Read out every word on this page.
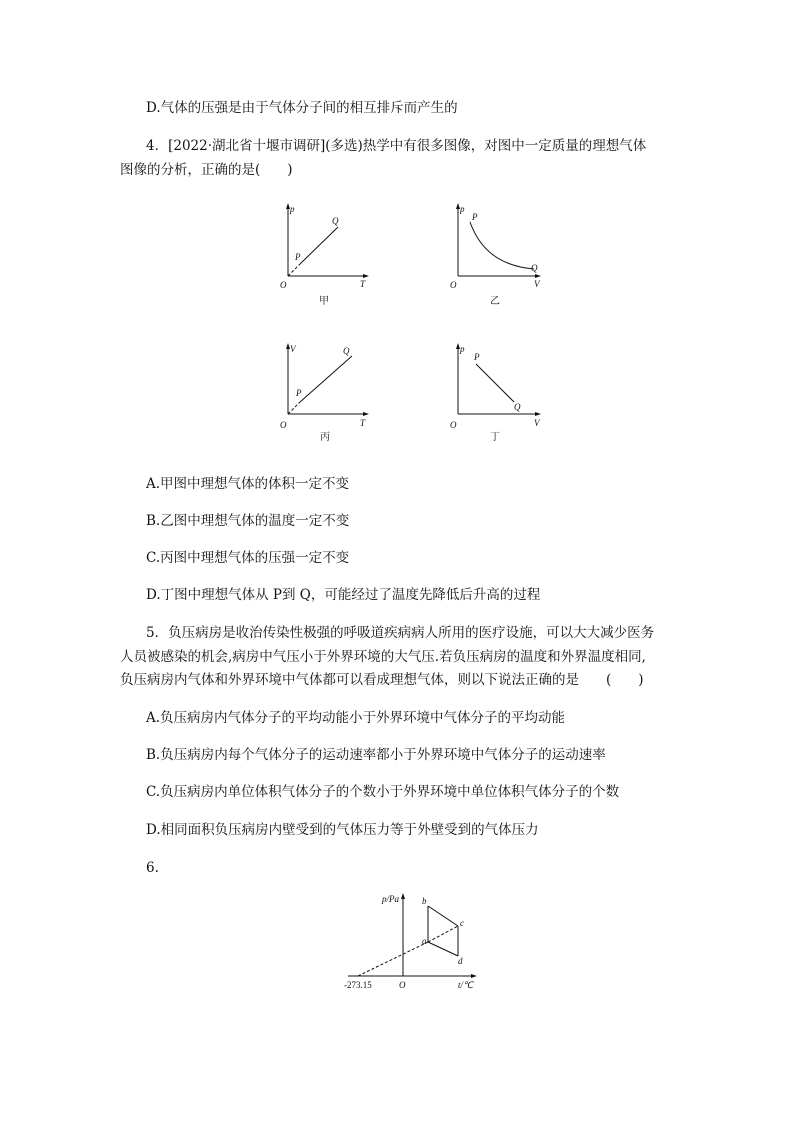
D.气体的压强是由于气体分子间的相互排斥而产生的
4．[2022·湖北省十堰市调研](多选)热学中有很多图像，对图中一定质量的理想气体
图像的分析，正确的是(　　)
p
T
O
P
Q
甲
p
V
O
P
Q
乙
V
T
O
P
Q
丙
p
V
O
P
Q
丁
A.甲图中理想气体的体积一定不变
B.乙图中理想气体的温度一定不变
C.丙图中理想气体的压强一定不变
D.丁图中理想气体从 P到 Q，可能经过了温度先降低后升高的过程
5．负压病房是收治传染性极强的呼吸道疾病病人所用的医疗设施，可以大大减少医务
人员被感染的机会,病房中气压小于外界环境的大气压.若负压病房的温度和外界温度相同,
负压病房内气体和外界环境中气体都可以看成理想气体，则以下说法正确的是　　(　　)
A.负压病房内气体分子的平均动能小于外界环境中气体分子的平均动能
B.负压病房内每个气体分子的运动速率都小于外界环境中气体分子的运动速率
C.负压病房内单位体积气体分子的个数小于外界环境中单位体积气体分子的个数
D.相同面积负压病房内壁受到的气体压力等于外壁受到的气体压力
6.
p/Pa
t/℃
O
-273.15
a
b
c
d
